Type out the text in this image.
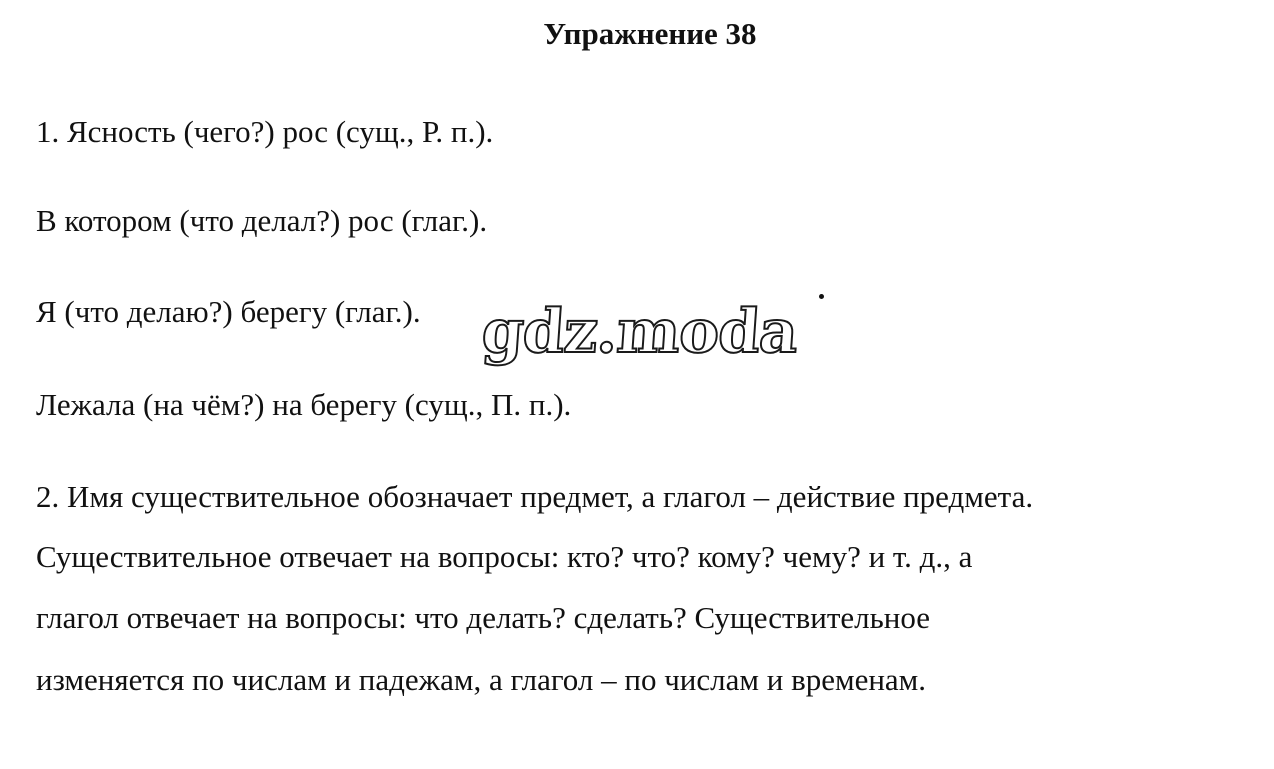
Упражнение 38
1. Ясность (чего?) рос (сущ., Р. п.).
В котором (что делал?) рос (глаг.).
Я (что делаю?) берегу (глаг.).
Лежала (на чём?) на берегу (сущ., П. п.).
2. Имя существительное обозначает предмет, а глагол – действие предмета.
Существительное отвечает на вопросы: кто? что? кому? чему? и т. д., а
глагол отвечает на вопросы: что делать? сделать? Существительное
изменяется по числам и падежам, а глагол – по числам и временам.
gdz.moda
